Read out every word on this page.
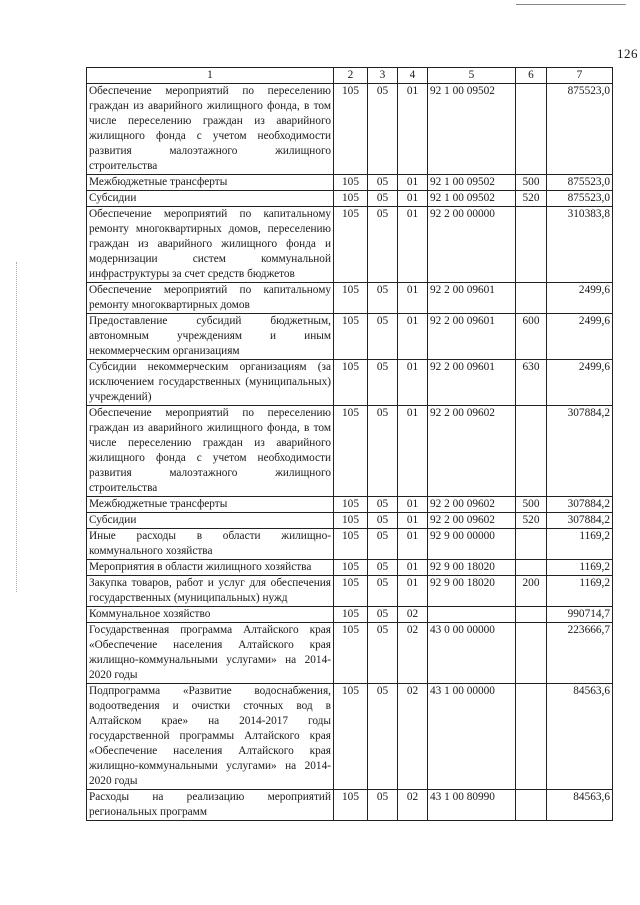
126
1	2	3	4	5	6	7
Обеспечение мероприятий по переселению граждан из аварийного жилищного фонда, в том числе переселению граждан из аварийного жилищного фонда с учетом необходимости развития малоэтажного жилищного строительства	105	05	01	92 1 00 09502		875523,0
Межбюджетные трансферты	105	05	01	92 1 00 09502	500	875523,0
Субсидии	105	05	01	92 1 00 09502	520	875523,0
Обеспечение мероприятий по капитальному ремонту многоквартирных домов, переселению граждан из аварийного жилищного фонда и модернизации систем коммунальной инфраструктуры за счет средств бюджетов	105	05	01	92 2 00 00000		310383,8
Обеспечение мероприятий по капитальному ремонту многоквартирных домов	105	05	01	92 2 00 09601		2499,6
Предоставление субсидий бюджетным, автономным учреждениям и иным некоммерческим организациям	105	05	01	92 2 00 09601	600	2499,6
Субсидии некоммерческим организациям (за исключением государственных (муниципальных) учреждений)	105	05	01	92 2 00 09601	630	2499,6
Обеспечение мероприятий по переселению граждан из аварийного жилищного фонда, в том числе переселению граждан из аварийного жилищного фонда с учетом необходимости развития малоэтажного жилищного строительства	105	05	01	92 2 00 09602		307884,2
Межбюджетные трансферты	105	05	01	92 2 00 09602	500	307884,2
Субсидии	105	05	01	92 2 00 09602	520	307884,2
Иные расходы в области жилищно-коммунального хозяйства	105	05	01	92 9 00 00000		1169,2
Мероприятия в области жилищного хозяйства	105	05	01	92 9 00 18020		1169,2
Закупка товаров, работ и услуг для обеспечения государственных (муниципальных) нужд	105	05	01	92 9 00 18020	200	1169,2
Коммунальное хозяйство	105	05	02			990714,7
Государственная программа Алтайского края «Обеспечение населения Алтайского края жилищно-коммунальными услугами» на 2014-2020 годы	105	05	02	43 0 00 00000		223666,7
Подпрограмма «Развитие водоснабжения, водоотведения и очистки сточных вод в Алтайском крае» на 2014-2017 годы государственной программы Алтайского края «Обеспечение населения Алтайского края жилищно-коммунальными услугами» на 2014-2020 годы	105	05	02	43 1 00 00000		84563,6
Расходы на реализацию мероприятий региональных программ	105	05	02	43 1 00 80990		84563,6
